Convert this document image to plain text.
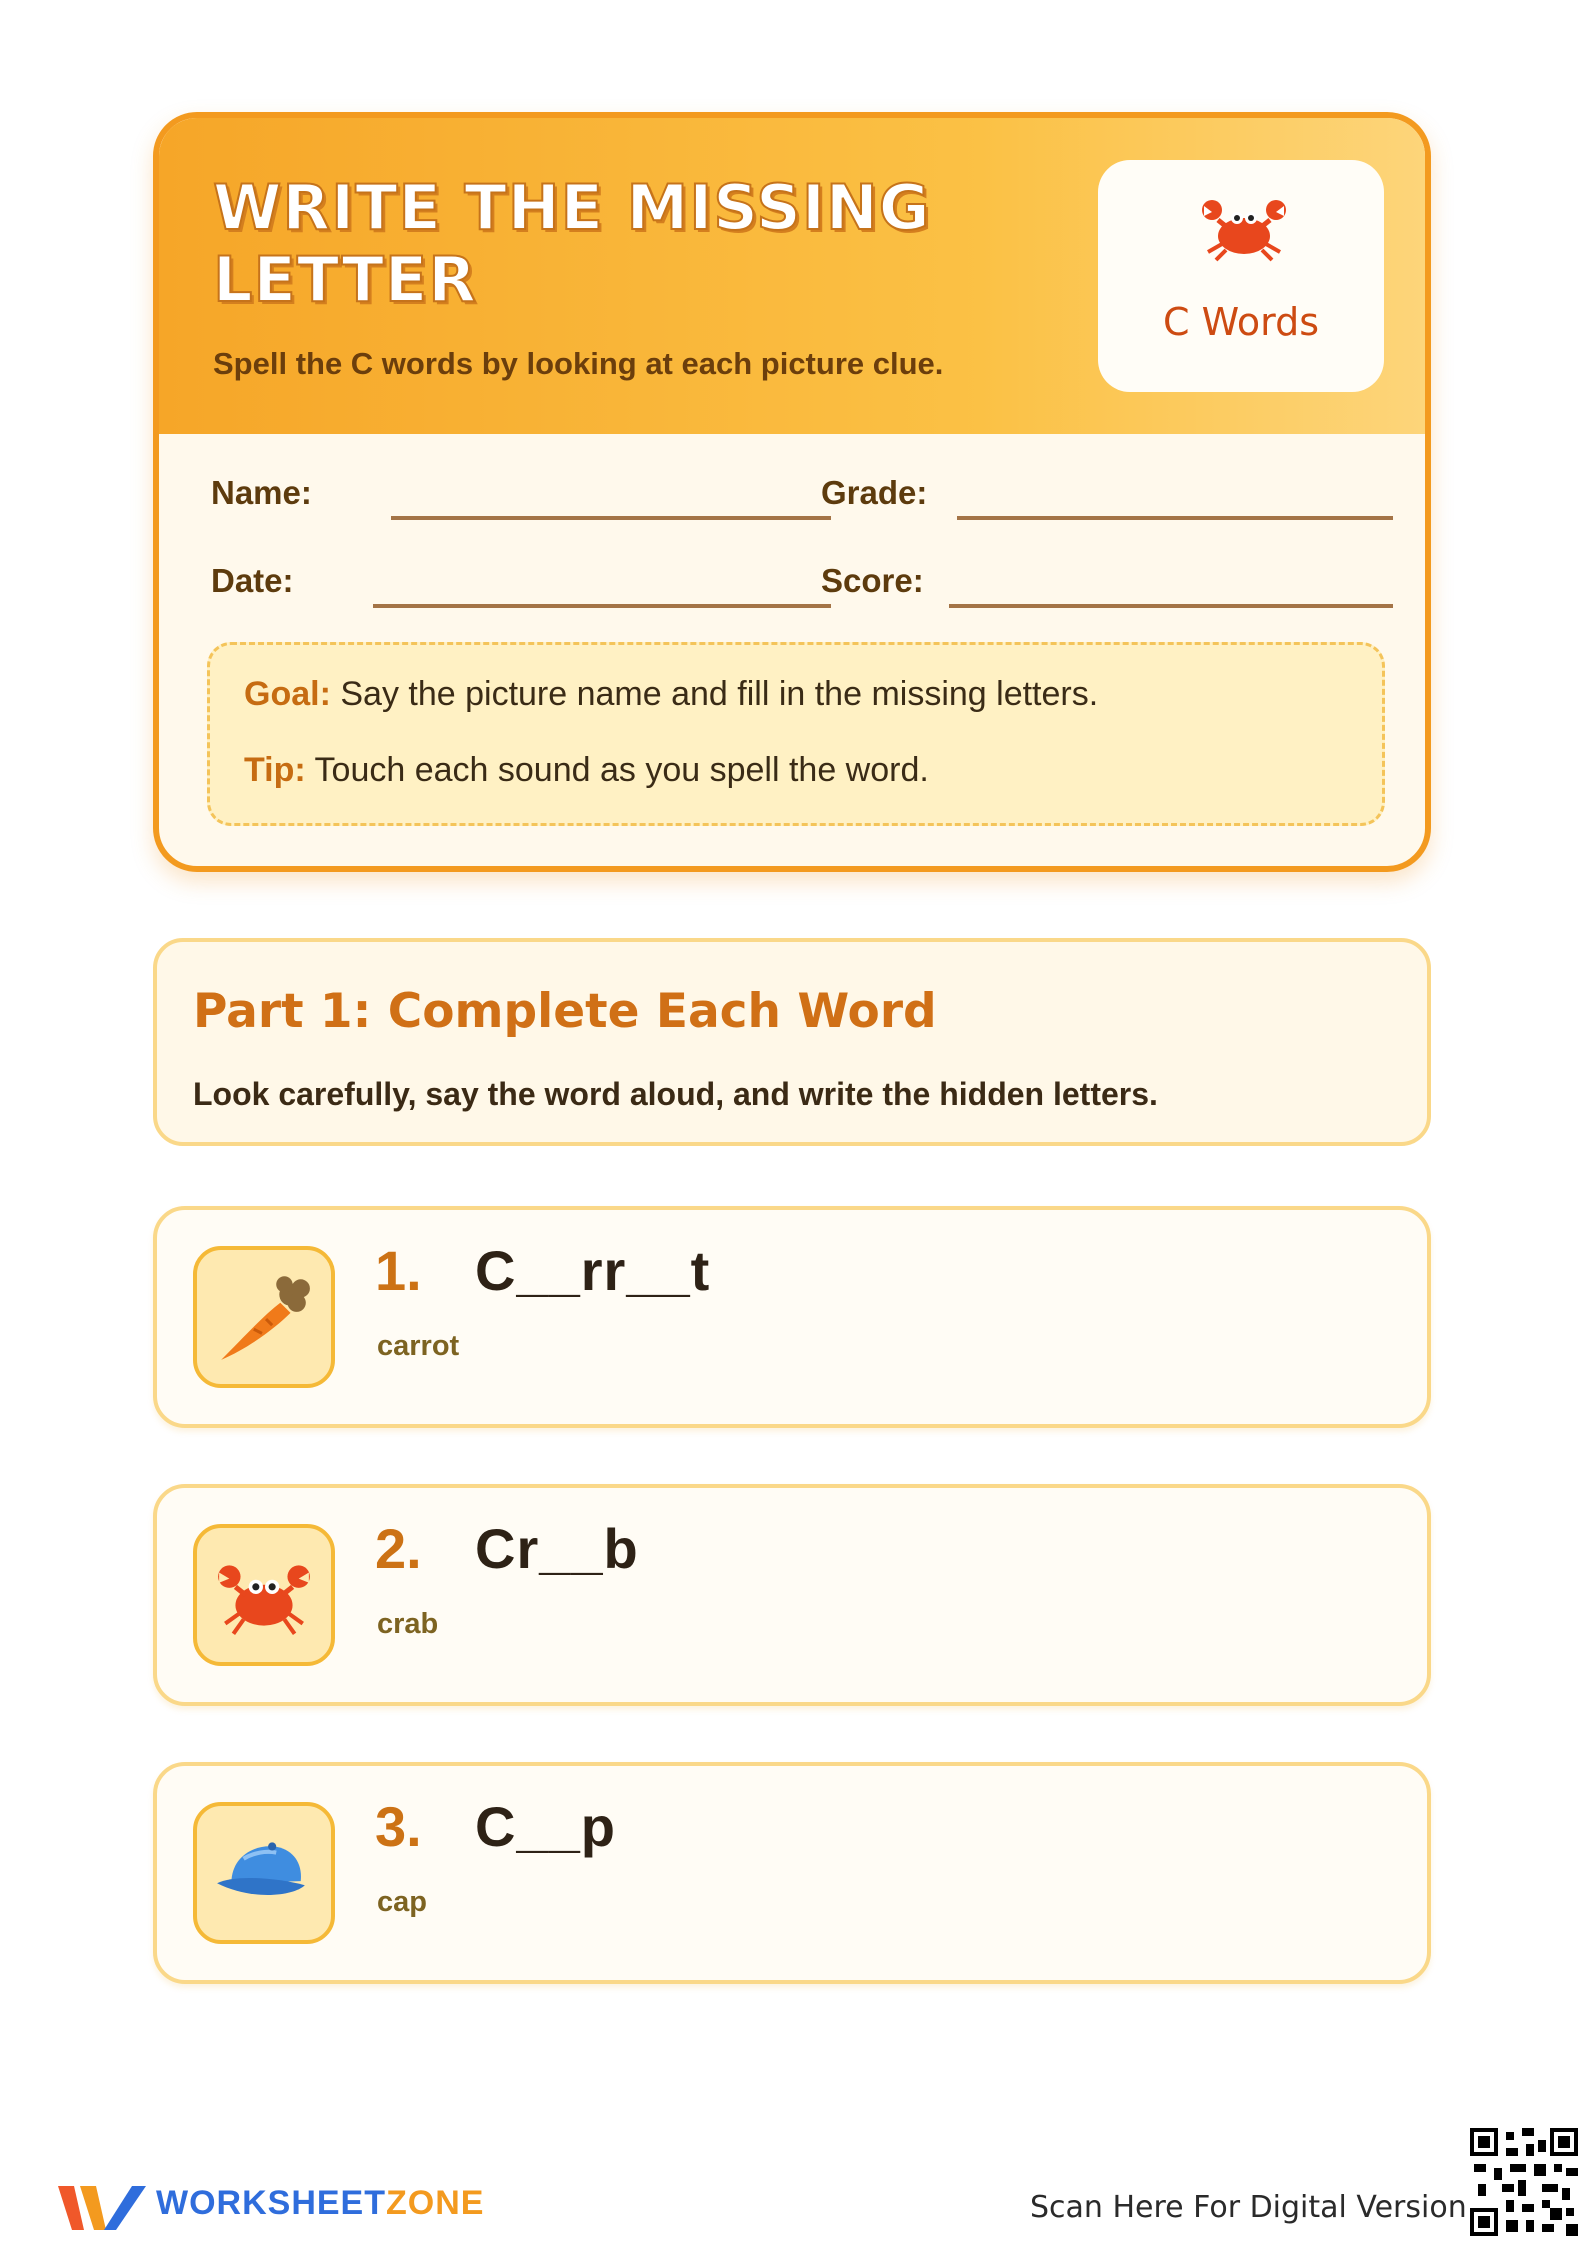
WRITE THE MISSING LETTER

Spell the C words by looking at each picture clue.

C Words
Name:	Grade:
Date:	Score:
Goal: Say the picture name and fill in the missing letters.
Tip: Touch each sound as you spell the word.
Part 1: Complete Each Word

Look carefully, say the word aloud, and write the hidden letters.

1. C__rr__t
carrot
2. Cr__b
crab
3. C__p
cap
WORKSHEETZONE	Scan Here For Digital Version
